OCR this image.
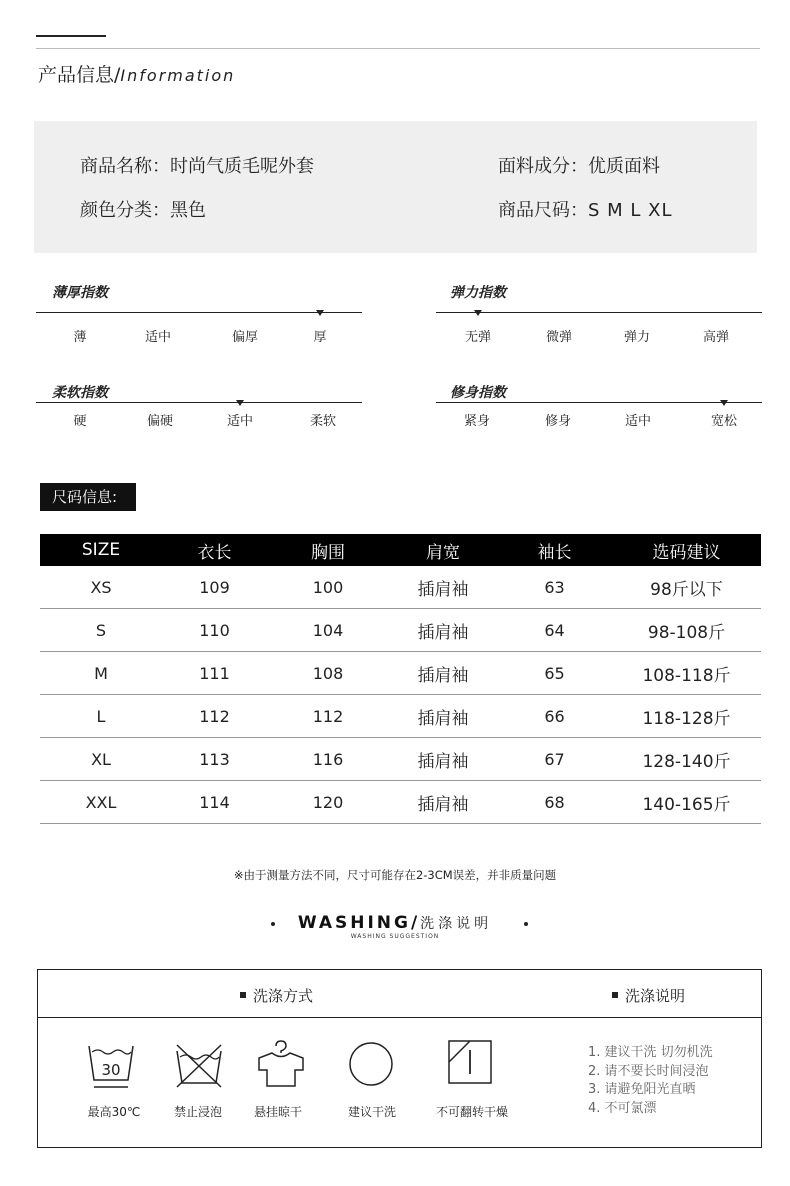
产品信息/Information
商品名称：时尚气质毛呢外套
颜色分类：黑色
面料成分：优质面料
商品尺码：S M L XL
薄厚指数
薄	适中	偏厚	厚
弹力指数
无弹	微弹	弹力	高弹
柔软指数
硬	偏硬	适中	柔软
修身指数
紧身	修身	适中	宽松
尺码信息:
SIZE	衣长	胸围	肩宽	袖长	选码建议
XS	109	100	插肩袖	63	98斤以下
S	110	104	插肩袖	64	98-108斤
M	111	108	插肩袖	65	108-118斤
L	112	112	插肩袖	66	118-128斤
XL	113	116	插肩袖	67	128-140斤
XXL	114	120	插肩袖	68	140-165斤
※由于测量方法不同，尺寸可能存在2-3CM误差，并非质量问题
WASHING/洗涤说明
WASHING SUGGESTION
洗涤方式	洗涤说明
30
最高30℃	禁止浸泡	悬挂晾干	建议干洗	不可翻转干燥
1. 建议干洗 切勿机洗
2. 请不要长时间浸泡
3. 请避免阳光直晒
4. 不可氯漂
